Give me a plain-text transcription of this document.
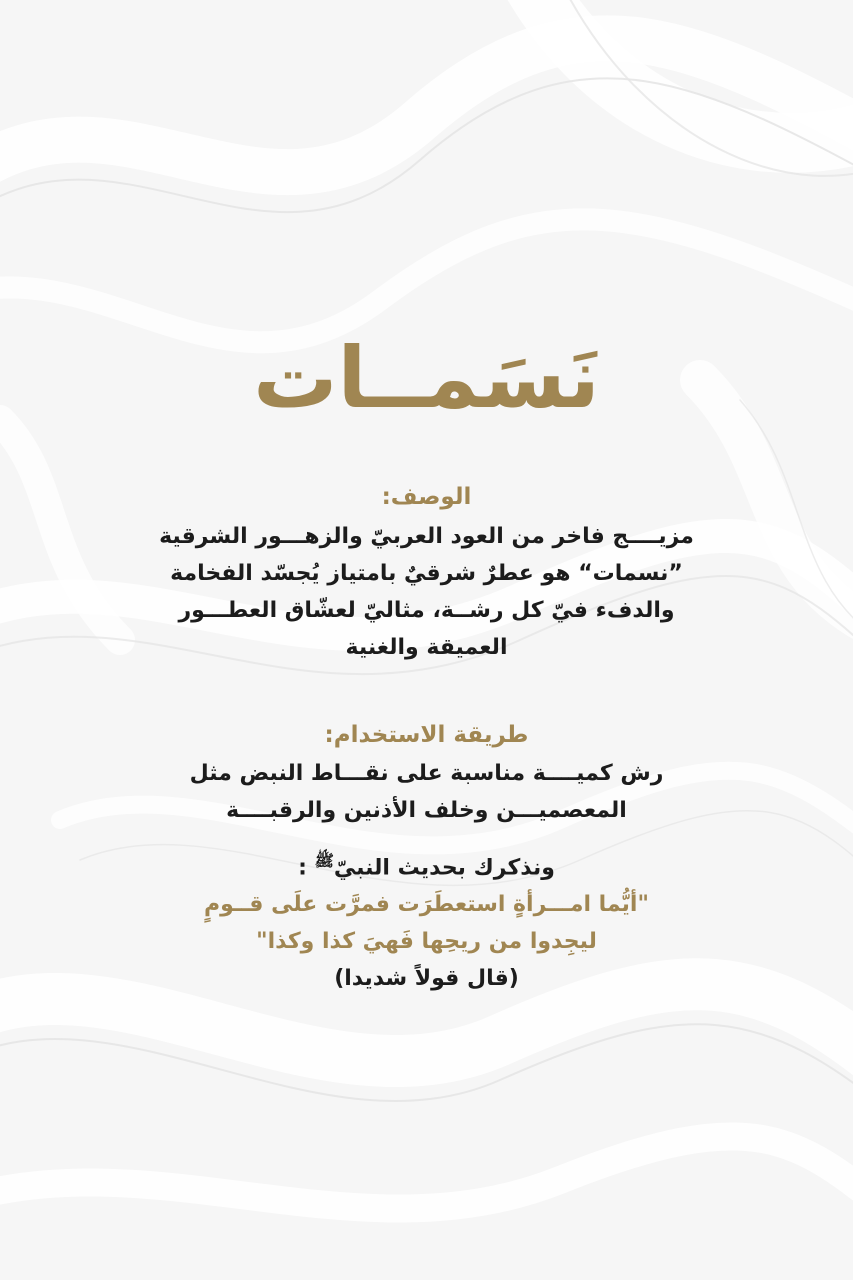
نَسَمــات
الوصف:
مزيــــج فاخر من العود العربيّ والزهـــور الشرقية
”نسمات“ هو عطرٌ شرقيٌ بامتياز يُجسّد الفخامة
والدفء فيّ كل رشــة، مثاليّ لعشّاق العطـــور
العميقة والغنية
طريقة الاستخدام:
رش كميــــة مناسبة على نقـــاط النبض مثل
المعصميـــن وخلف الأذنين والرقبــــة
ونذكرك بحديث النبيّﷺ :
"أيُّما امـــرأةٍ استعطَرَت فمرَّت علَى قــومٍ
ليجِدوا من ريحِها فَهيَ كذا وكذا"
(قال قولاً شديدا)
